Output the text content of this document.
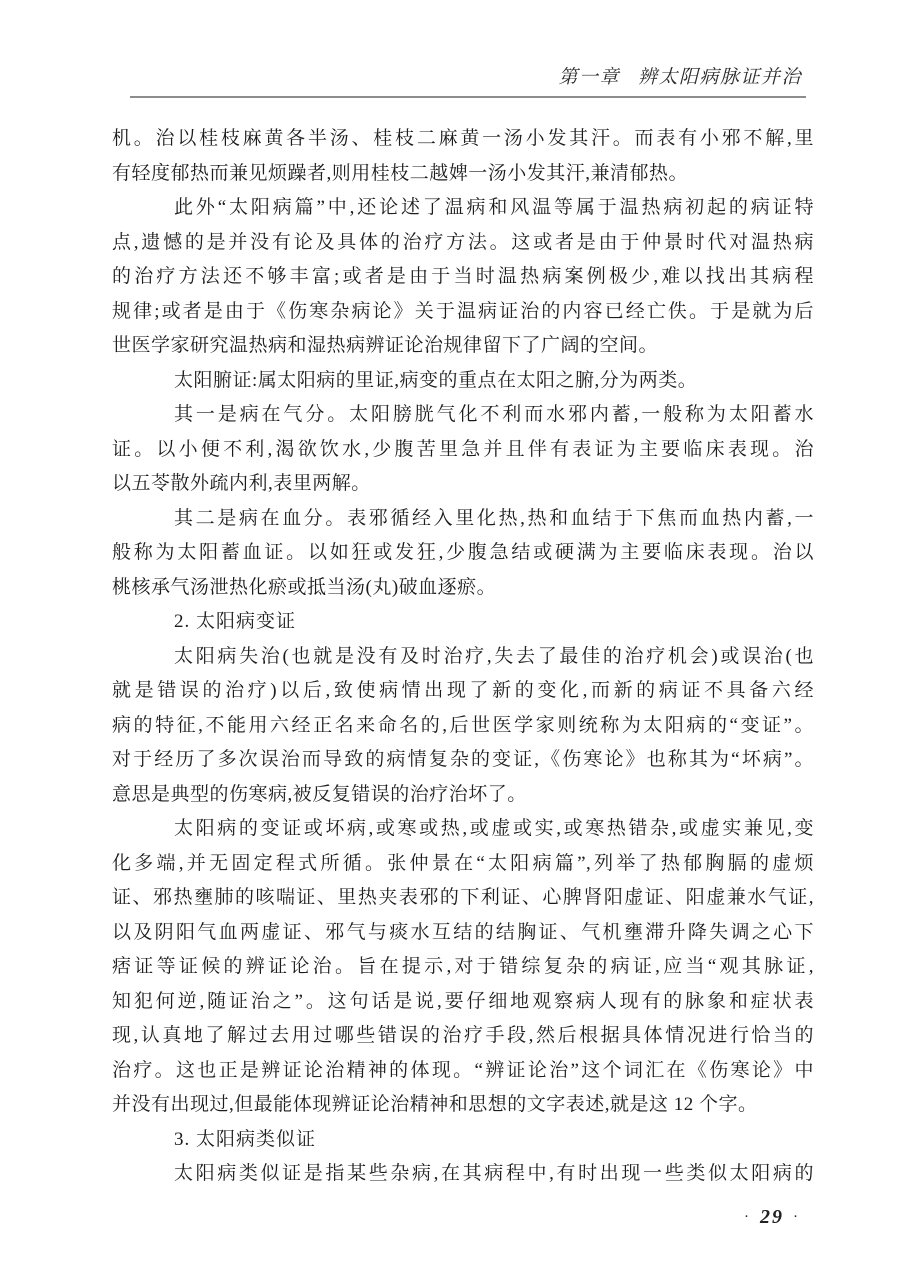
第一章 辨太阳病脉证并治
机。治以桂枝麻黄各半汤、桂枝二麻黄一汤小发其汗。而表有小邪不解,里
有轻度郁热而兼见烦躁者,则用桂枝二越婢一汤小发其汗,兼清郁热。
此外“太阳病篇”中,还论述了温病和风温等属于温热病初起的病证特
点,遗憾的是并没有论及具体的治疗方法。这或者是由于仲景时代对温热病
的治疗方法还不够丰富;或者是由于当时温热病案例极少,难以找出其病程
规律;或者是由于《伤寒杂病论》关于温病证治的内容已经亡佚。于是就为后
世医学家研究温热病和湿热病辨证论治规律留下了广阔的空间。
太阳腑证:属太阳病的里证,病变的重点在太阳之腑,分为两类。
其一是病在气分。太阳膀胱气化不利而水邪内蓄,一般称为太阳蓄水
证。以小便不利,渴欲饮水,少腹苦里急并且伴有表证为主要临床表现。治
以五苓散外疏内利,表里两解。
其二是病在血分。表邪循经入里化热,热和血结于下焦而血热内蓄,一
般称为太阳蓄血证。以如狂或发狂,少腹急结或硬满为主要临床表现。治以
桃核承气汤泄热化瘀或抵当汤(丸)破血逐瘀。
2. 太阳病变证
太阳病失治(也就是没有及时治疗,失去了最佳的治疗机会)或误治(也
就是错误的治疗)以后,致使病情出现了新的变化,而新的病证不具备六经
病的特征,不能用六经正名来命名的,后世医学家则统称为太阳病的“变证”。
对于经历了多次误治而导致的病情复杂的变证,《伤寒论》也称其为“坏病”。
意思是典型的伤寒病,被反复错误的治疗治坏了。
太阳病的变证或坏病,或寒或热,或虚或实,或寒热错杂,或虚实兼见,变
化多端,并无固定程式所循。张仲景在“太阳病篇”,列举了热郁胸膈的虚烦
证、邪热壅肺的咳喘证、里热夹表邪的下利证、心脾肾阳虚证、阳虚兼水气证,
以及阴阳气血两虚证、邪气与痰水互结的结胸证、气机壅滞升降失调之心下
痞证等证候的辨证论治。旨在提示,对于错综复杂的病证,应当“观其脉证,
知犯何逆,随证治之”。这句话是说,要仔细地观察病人现有的脉象和症状表
现,认真地了解过去用过哪些错误的治疗手段,然后根据具体情况进行恰当的
治疗。这也正是辨证论治精神的体现。“辨证论治”这个词汇在《伤寒论》中
并没有出现过,但最能体现辨证论治精神和思想的文字表述,就是这 12 个字。
3. 太阳病类似证
太阳病类似证是指某些杂病,在其病程中,有时出现一些类似太阳病的
· 29 ·
